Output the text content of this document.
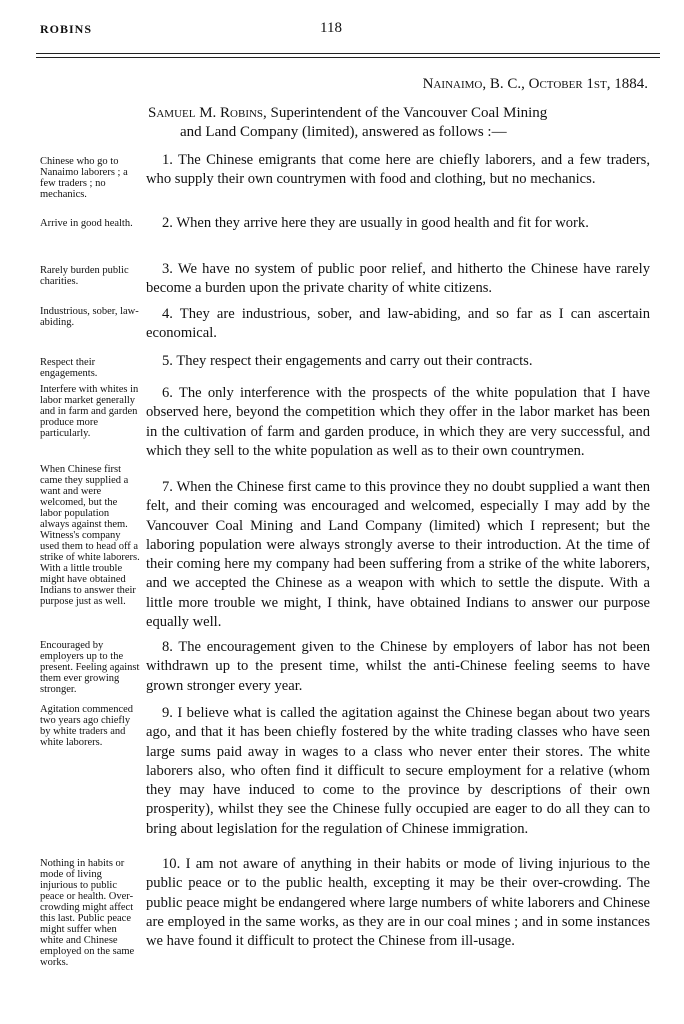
ROBINS	118
Nainaimo, B. C., October 1st, 1884.
Samuel M. Robins, Superintendent of the Vancouver Coal Mining
and Land Company (limited), answered as follows :—
Chinese who go to Nanaimo laborers ; a few traders ; no mechanics.
Arrive in good health.
Rarely burden public charities.
Industrious, sober, law-abiding.
Respect their engagements.
Interfere with whites in labor market generally and in farm and garden produce more particularly.
When Chinese first came they supplied a want and were welcomed, but the labor population always against them. Witness's company used them to head off a strike of white laborers. With a little trouble might have obtained Indians to answer their purpose just as well.
Encouraged by employers up to the present. Feeling against them ever growing stronger.
Agitation commenced two years ago chiefly by white traders and white laborers.
Nothing in habits or mode of living injurious to public peace or health. Over-crowding might affect this last. Public peace might suffer when white and Chinese employed on the same works.

1. The Chinese emigrants that come here are chiefly laborers, and a few traders, who supply their own countrymen with food and clothing, but no mechanics.

2. When they arrive here they are usually in good health and fit for work.

3. We have no system of public poor relief, and hitherto the Chinese have rarely become a burden upon the private charity of white citizens.

4. They are industrious, sober, and law-abiding, and so far as I can ascertain economical.

5. They respect their engagements and carry out their contracts.

6. The only interference with the prospects of the white population that I have observed here, beyond the competition which they offer in the labor market has been in the cultivation of farm and garden produce, in which they are very successful, and which they sell to the white population as well as to their own countrymen.

7. When the Chinese first came to this province they no doubt supplied a want then felt, and their coming was encouraged and welcomed, especially I may add by the Vancouver Coal Mining and Land Company (limited) which I represent; but the laboring population were always strongly averse to their introduction. At the time of their coming here my company had been suffering from a strike of the white laborers, and we accepted the Chinese as a weapon with which to settle the dispute. With a little more trouble we might, I think, have obtained Indians to answer our purpose equally well.

8. The encouragement given to the Chinese by employers of labor has not been withdrawn up to the present time, whilst the anti-Chinese feeling seems to have grown stronger every year.

9. I believe what is called the agitation against the Chinese began about two years ago, and that it has been chiefly fostered by the white trading classes who have seen large sums paid away in wages to a class who never enter their stores. The white laborers also, who often find it difficult to secure employment for a relative (whom they may have induced to come to the province by descriptions of their own prosperity), whilst they see the Chinese fully occupied are eager to do all they can to bring about legislation for the regulation of Chinese immigration.

10. I am not aware of anything in their habits or mode of living injurious to the public peace or to the public health, excepting it may be their over-crowding. The public peace might be endangered where large numbers of white laborers and Chinese are employed in the same works, as they are in our coal mines ; and in some instances we have found it difficult to protect the Chinese from ill-usage.
